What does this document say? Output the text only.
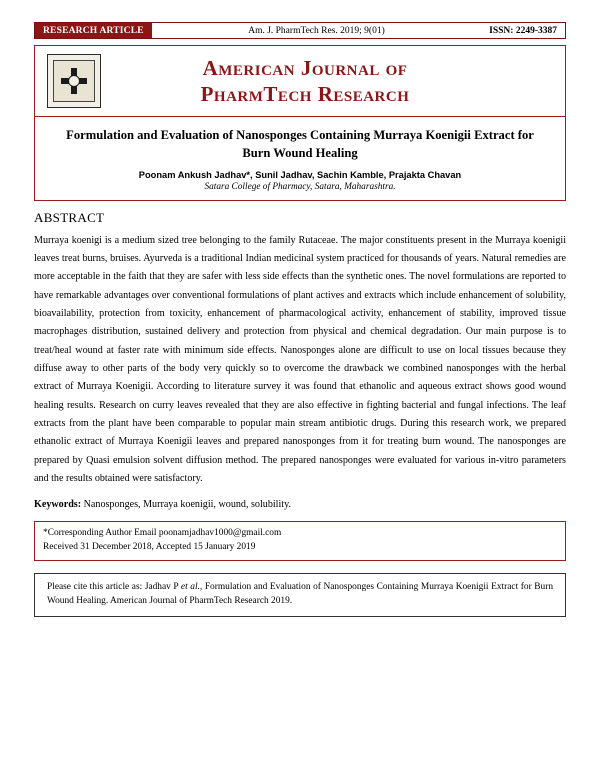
RESEARCH ARTICLE	Am. J. PharmTech Res. 2019; 9(01)	ISSN: 2249-3387
American Journal of
PharmTech Research
Formulation and Evaluation of Nanosponges Containing Murraya Koenigii Extract for Burn Wound Healing

Poonam Ankush Jadhav*, Sunil Jadhav, Sachin Kamble, Prajakta Chavan

Satara College of Pharmacy, Satara, Maharashtra.

ABSTRACT

Murraya koenigi is a medium sized tree belonging to the family Rutaceae. The major constituents present in the Murraya koenigii leaves treat burns, bruises. Ayurveda is a traditional Indian medicinal system practiced for thousands of years. Natural remedies are more acceptable in the faith that they are safer with less side effects than the synthetic ones. The novel formulations are reported to have remarkable advantages over conventional formulations of plant actives and extracts which include enhancement of solubility, bioavailability, protection from toxicity, enhancement of pharmacological activity, enhancement of stability, improved tissue macrophages distribution, sustained delivery and protection from physical and chemical degradation. Our main purpose is to treat/heal wound at faster rate with minimum side effects. Nanosponges alone are difficult to use on local tissues because they diffuse away to other parts of the body very quickly so to overcome the drawback we combined nanosponges with the herbal extract of Murraya Koenigii. According to literature survey it was found that ethanolic and aqueous extract shows good wound healing results. Research on curry leaves revealed that they are also effective in fighting bacterial and fungal infections. The leaf extracts from the plant have been comparable to popular main stream antibiotic drugs. During this research work, we prepared ethanolic extract of Murraya Koenigii leaves and prepared nanosponges from it for treating burn wound. The nanosponges are prepared by Quasi emulsion solvent diffusion method. The prepared nanosponges were evaluated for various in-vitro parameters and the results obtained were satisfactory.

Keywords: Nanosponges, Murraya koenigii, wound, solubility.
*Corresponding Author Email poonamjadhav1000@gmail.com
Received 31 December 2018, Accepted 15 January 2019

Please cite this article as: Jadhav P et al., Formulation and Evaluation of Nanosponges Containing Murraya Koenigii Extract for Burn Wound Healing. American Journal of PharmTech Research 2019.
